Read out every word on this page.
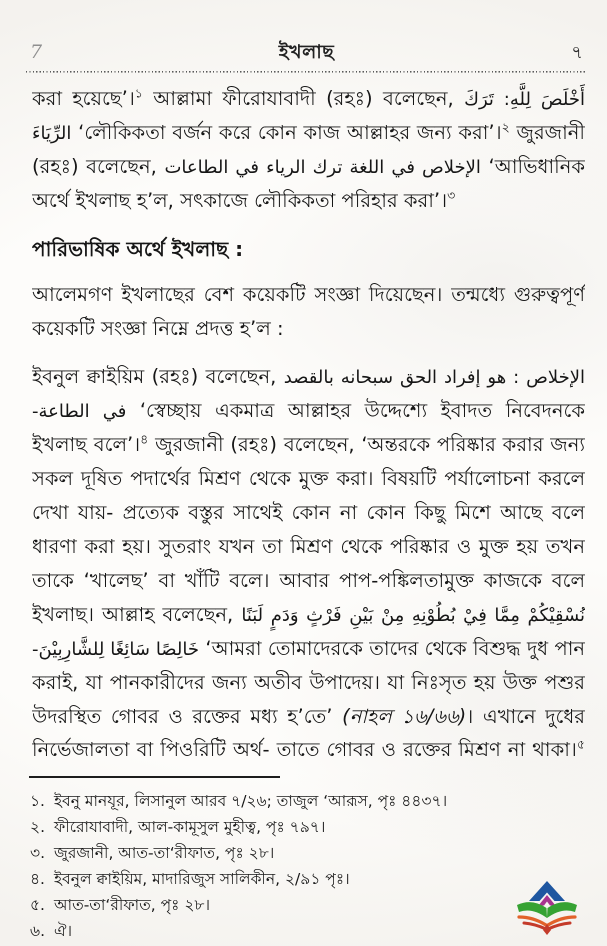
7	ইখলাছ	৭

করা হয়েছে’।$^১$ আল্লামা ফীরোযাবাদী (রহঃ) বলেছেন, أَخْلَصَ لِلَّهِ: تَرَكَ الرِّيَاءَ ‘লৌকিকতা বর্জন করে কোন কাজ আল্লাহর জন্য করা’।$^২$ জুরজানী (রহঃ) বলেছেন, الإخلاص في اللغة ترك الرياء في الطاعات ‘আভিধানিক অর্থে ইখলাছ হ’ল, সৎকাজে লৌকিকতা পরিহার করা’।$^৩$

পারিভাষিক অর্থে ইখলাছ :

আলেমগণ ইখলাছের বেশ কয়েকটি সংজ্ঞা দিয়েছেন। তন্মধ্যে গুরুত্বপূর্ণ কয়েকটি সংজ্ঞা নিম্নে প্রদত্ত হ’ল :

ইবনুল ক্বাইয়িম (রহঃ) বলেছেন, الإخلاص : هو إفراد الحق سبحانه بالقصد في الطاعة- ‘স্বেচ্ছায় একমাত্র আল্লাহর উদ্দেশ্যে ইবাদত নিবেদনকে ইখলাছ বলে’।$^৪$ জুরজানী (রহঃ) বলেছেন, ‘অন্তরকে পরিষ্কার করার জন্য সকল দূষিত পদার্থের মিশ্রণ থেকে মুক্ত করা। বিষয়টি পর্যালোচনা করলে দেখা যায়- প্রত্যেক বস্তুর সাথেই কোন না কোন কিছু মিশে আছে বলে ধারণা করা হয়। সুতরাং যখন তা মিশ্রণ থেকে পরিষ্কার ও মুক্ত হয় তখন তাকে ‘খালেছ’ বা খাঁটি বলে। আবার পাপ-পঙ্কিলতামুক্ত কাজকে বলে ইখলাছ। আল্লাহ বলেছেন, نُسْقِيْكُمْ مِمَّا فِيْ بُطُوْنِهِ مِنْ بَيْنِ فَرْثٍ وَدَمٍ لَبَنًا خَالِصًا سَائِغًا لِلشَّارِبِيْنَ- ‘আমরা তোমাদেরকে তাদের থেকে বিশুদ্ধ দুধ পান করাই, যা পানকারীদের জন্য অতীব উপাদেয়। যা নিঃসৃত হয় উক্ত পশুর উদরস্থিত গোবর ও রক্তের মধ্য হ’তে’ (নাহল ১৬/৬৬)। এখানে দুধের নির্ভেজালতা বা পিওরিটি অর্থ- তাতে গোবর ও রক্তের মিশ্রণ না থাকা।$^৫$

১. ইবনু মানযূর, লিসানুল আরব ৭/২৬; তাজুল ‘আরূস, পৃঃ ৪৪৩৭।
২. ফীরোযাবাদী, আল-কামূসুল মুহীত্ব, পৃঃ ৭৯৭।
৩. জুরজানী, আত-তা‘রীফাত, পৃঃ ২৮।
৪. ইবনুল ক্বাইয়িম, মাদারিজুস সালিকীন, ২/৯১ পৃঃ।
৫. আত-তা‘রীফাত, পৃঃ ২৮।
৬. ঐ।
